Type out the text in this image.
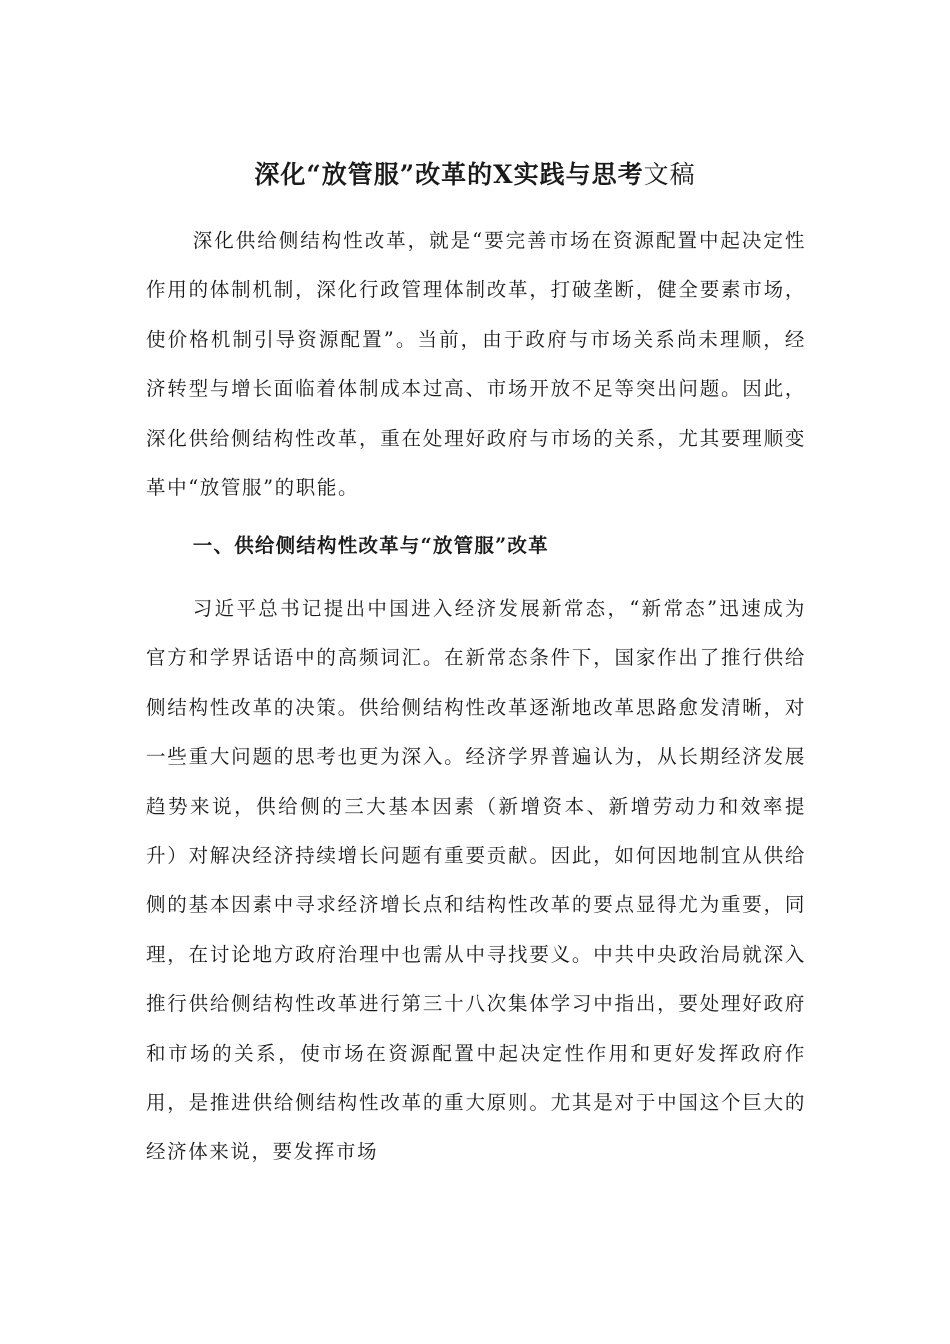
深化“放管服”改革的X实践与思考文稿

深化供给侧结构性改革，就是“要完善市场在资源配置中起决定性作用的体制机制，深化行政管理体制改革，打破垄断，健全要素市场，使价格机制引导资源配置”。当前，由于政府与市场关系尚未理顺，经济转型与增长面临着体制成本过高、市场开放不足等突出问题。因此，深化供给侧结构性改革，重在处理好政府与市场的关系，尤其要理顺变革中“放管服”的职能。

一、供给侧结构性改革与“放管服”改革

习近平总书记提出中国进入经济发展新常态，“新常态”迅速成为官方和学界话语中的高频词汇。在新常态条件下，国家作出了推行供给侧结构性改革的决策。供给侧结构性改革逐渐地改革思路愈发清晰，对一些重大问题的思考也更为深入。经济学界普遍认为，从长期经济发展趋势来说，供给侧的三大基本因素（新增资本、新增劳动力和效率提升）对解决经济持续增长问题有重要贡献。因此，如何因地制宜从供给侧的基本因素中寻求经济增长点和结构性改革的要点显得尤为重要，同理，在讨论地方政府治理中也需从中寻找要义。中共中央政治局就深入推行供给侧结构性改革进行第三十八次集体学习中指出，要处理好政府和市场的关系，使市场在资源配置中起决定性作用和更好发挥政府作用，是推进供给侧结构性改革的重大原则。尤其是对于中国这个巨大的经济体来说，要发挥市场
